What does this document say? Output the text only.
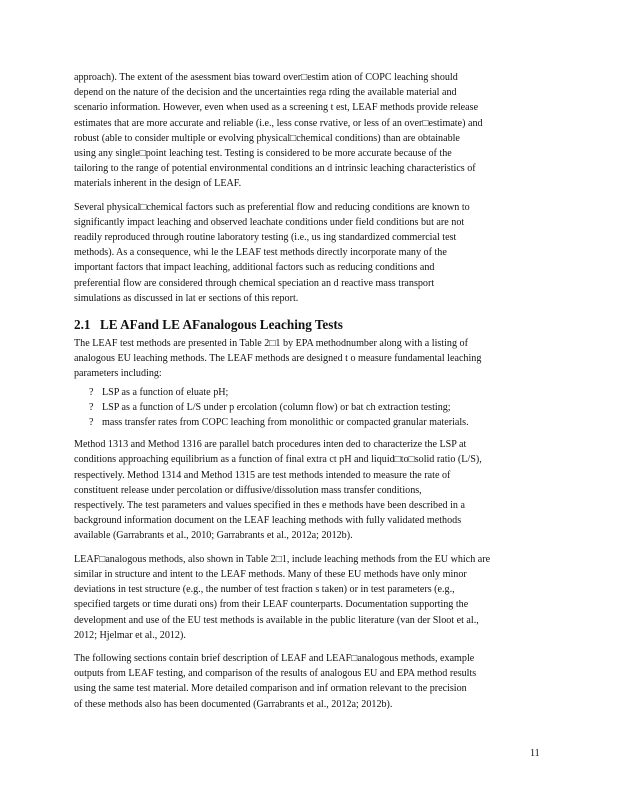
approach). The extent of the asessment bias toward over□estim ation of COPC leaching should
depend on the nature of the decision and the uncertainties rega rding the available material and
scenario information. However, even when used as a screening t est, LEAF methods provide release
estimates that are more accurate and reliable (i.e., less conse rvative, or less of an over□estimate) and
robust (able to consider multiple or evolving physical□chemical conditions) than are obtainable
using any single□point leaching test. Testing is considered to be more accurate because of the
tailoring to the range of potential environmental conditions an d intrinsic leaching characteristics of
materials inherent in the design of LEAF.
Several physical□chemical factors such as preferential flow and reducing conditions are known to
significantly impact leaching and observed leachate conditions under field conditions but are not
readily reproduced through routine laboratory testing (i.e., us ing standardized commercial test
methods). As a consequence, whi le the LEAF test methods directly incorporate many of the
important factors that impact leaching, additional factors such as reducing conditions and
preferential flow are considered through chemical speciation an d reactive mass transport
simulations as discussed in lat er sections of this report.
2.1 LE AFand LE AFanalogous Leaching Tests
The LEAF test methods are presented in Table 2□1 by EPA methodnumber along with a listing of
analogous EU leaching methods. The LEAF methods are designed t o measure fundamental leaching
parameters including:
? LSP as a function of eluate pH;
? LSP as a function of L/S under p ercolation (column flow) or bat ch extraction testing;
? mass transfer rates from COPC leaching from monolithic or compacted granular materials.
Method 1313 and Method 1316 are parallel batch procedures inten ded to characterize the LSP at
conditions approaching equilibrium as a function of final extra ct pH and liquid□to□solid ratio (L/S),
respectively. Method 1314 and Method 1315 are test methods intended to measure the rate of
constituent release under percolation or diffusive/dissolution mass transfer conditions,
respectively. The test parameters and values specified in thes e methods have been described in a
background information document on the LEAF leaching methods with fully validated methods
available (Garrabrants et al., 2010; Garrabrants et al., 2012a; 2012b).
LEAF□analogous methods, also shown in Table 2□1, include leaching methods from the EU which are
similar in structure and intent to the LEAF methods. Many of these EU methods have only minor
deviations in test structure (e.g., the number of test fraction s taken) or in test parameters (e.g.,
specified targets or time durati ons) from their LEAF counterparts. Documentation supporting the
development and use of the EU test methods is available in the public literature (van der Sloot et al.,
2012; Hjelmar et al., 2012).
The following sections contain brief description of LEAF and LEAF□analogous methods, example
outputs from LEAF testing, and comparison of the results of analogous EU and EPA method results
using the same test material. More detailed comparison and inf ormation relevant to the precision
of these methods also has been documented (Garrabrants et al., 2012a; 2012b).
11
